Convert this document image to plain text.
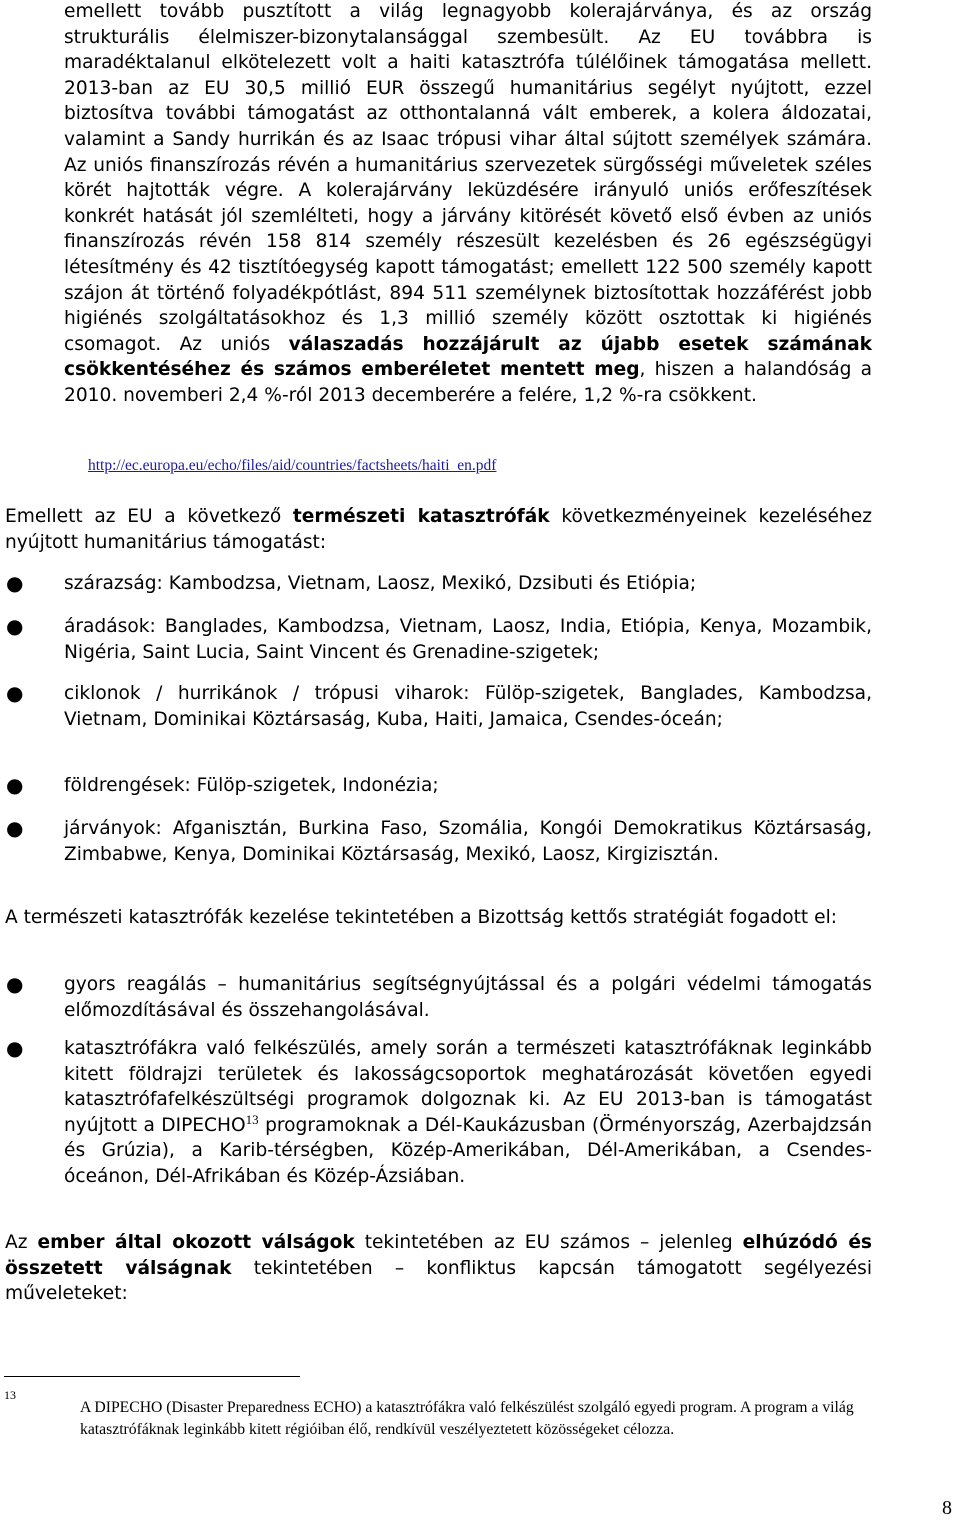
emellett tovább pusztított a világ legnagyobb kolerajárványa, és az ország strukturális élelmiszer-bizonytalansággal szembesült. Az EU továbbra is maradéktalanul elkötelezett volt a haiti katasztrófa túlélőinek támogatása mellett. 2013-ban az EU 30,5 millió EUR összegű humanitárius segélyt nyújtott, ezzel biztosítva további támogatást az otthontalanná vált emberek, a kolera áldozatai, valamint a Sandy hurrikán és az Isaac trópusi vihar által sújtott személyek számára. Az uniós finanszírozás révén a humanitárius szervezetek sürgősségi műveletek széles körét hajtották végre. A kolerajárvány leküzdésére irányuló uniós erőfeszítések konkrét hatását jól szemlélteti, hogy a járvány kitörését követő első évben az uniós finanszírozás révén 158 814 személy részesült kezelésben és 26 egészségügyi létesítmény és 42 tisztítóegység kapott támogatást; emellett 122 500 személy kapott szájon át történő folyadékpótlást, 894 511 személynek biztosítottak hozzáférést jobb higiénés szolgáltatásokhoz és 1,3 millió személy között osztottak ki higiénés csomagot. Az uniós válaszadás hozzájárult az újabb esetek számának csökkentéséhez és számos emberéletet mentett meg, hiszen a halandóság a 2010. novemberi 2,4 %-ról 2013 decemberére a felére, 1,2 %-ra csökkent.
http://ec.europa.eu/echo/files/aid/countries/factsheets/haiti_en.pdf
Emellett az EU a következő természeti katasztrófák következményeinek kezeléséhez nyújtott humanitárius támogatást:
● szárazság: Kambodzsa, Vietnam, Laosz, Mexikó, Dzsibuti és Etiópia;
● áradások: Banglades, Kambodzsa, Vietnam, Laosz, India, Etiópia, Kenya, Mozambik, Nigéria, Saint Lucia, Saint Vincent és Grenadine-szigetek;
● ciklonok / hurrikánok / trópusi viharok: Fülöp-szigetek, Banglades, Kambodzsa, Vietnam, Dominikai Köztársaság, Kuba, Haiti, Jamaica, Csendes-óceán;
● földrengések: Fülöp-szigetek, Indonézia;
● járványok: Afganisztán, Burkina Faso, Szomália, Kongói Demokratikus Köztársaság, Zimbabwe, Kenya, Dominikai Köztársaság, Mexikó, Laosz, Kirgizisztán.
A természeti katasztrófák kezelése tekintetében a Bizottság kettős stratégiát fogadott el:
● gyors reagálás – humanitárius segítségnyújtással és a polgári védelmi támogatás előmozdításával és összehangolásával.
● katasztrófákra való felkészülés, amely során a természeti katasztrófáknak leginkább kitett földrajzi területek és lakosságcsoportok meghatározását követően egyedi katasztrófafelkészültségi programok dolgoznak ki. Az EU 2013-ban is támogatást nyújtott a DIPECHO$^{13}$ programoknak a Dél-Kaukázusban (Örményország, Azerbajdzsán és Grúzia), a Karib-térségben, Közép-Amerikában, Dél-Amerikában, a Csendes-óceánon, Dél-Afrikában és Közép-Ázsiában.
Az ember által okozott válságok tekintetében az EU számos – jelenleg elhúzódó és összetett válságnak tekintetében – konfliktus kapcsán támogatott segélyezési műveleteket:
13
A DIPECHO (Disaster Preparedness ECHO) a katasztrófákra való felkészülést szolgáló egyedi program. A program a világ katasztrófáknak leginkább kitett régióiban élő, rendkívül veszélyeztetett közösségeket célozza.
8
